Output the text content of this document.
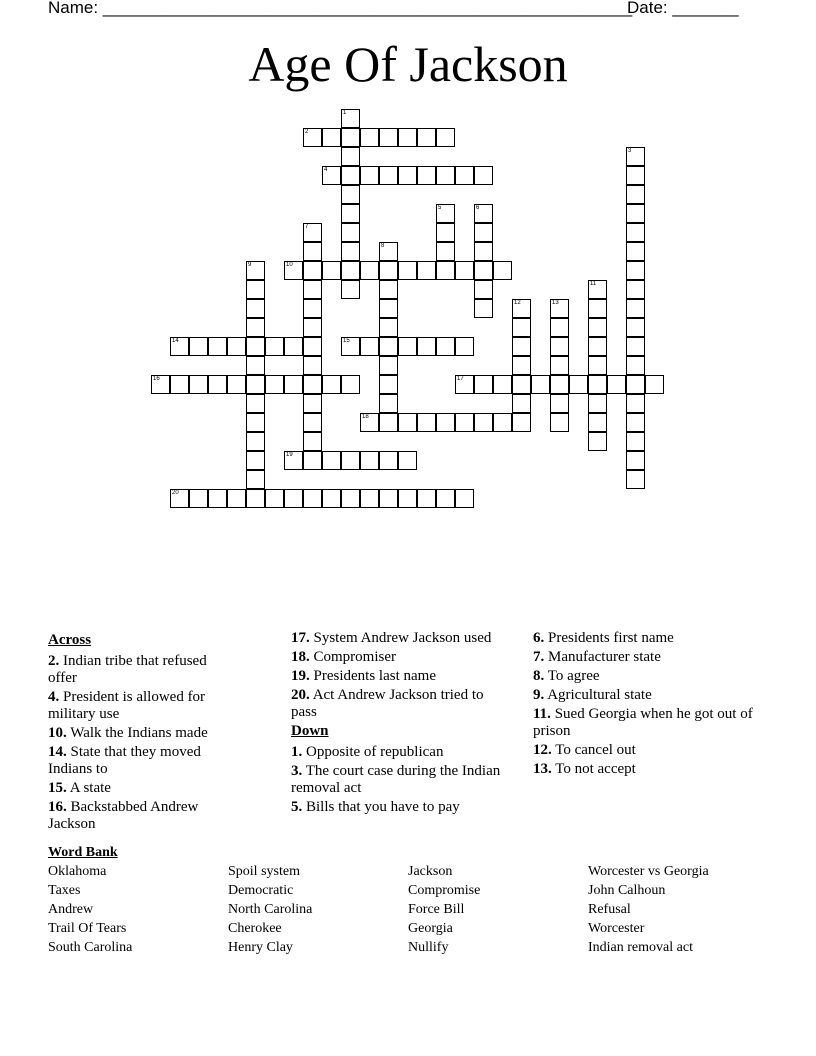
Name: ________________________________________________________
Date: _______
Age Of Jackson
1
2
3
4
5	6
7
8
9	10
11
12	13
14	15
16	17
18
19
20
Across
2. Indian tribe that refused offer
4. President is allowed for military use
10. Walk the Indians made
14. State that they moved Indians to
15. A state
16. Backstabbed Andrew Jackson
17. System Andrew Jackson used
18. Compromiser
19. Presidents last name
20. Act Andrew Jackson tried to pass
Down
1. Opposite of republican
3. The court case during the Indian removal act
5. Bills that you have to pay
6. Presidents first name
7. Manufacturer state
8. To agree
9. Agricultural state
11. Sued Georgia when he got out of prison
12. To cancel out
13. To not accept
Word Bank
Oklahoma	Spoil system	Jackson	Worcester vs Georgia
Taxes	Democratic	Compromise	John Calhoun
Andrew	North Carolina	Force Bill	Refusal
Trail Of Tears	Cherokee	Georgia	Worcester
South Carolina	Henry Clay	Nullify	Indian removal act
